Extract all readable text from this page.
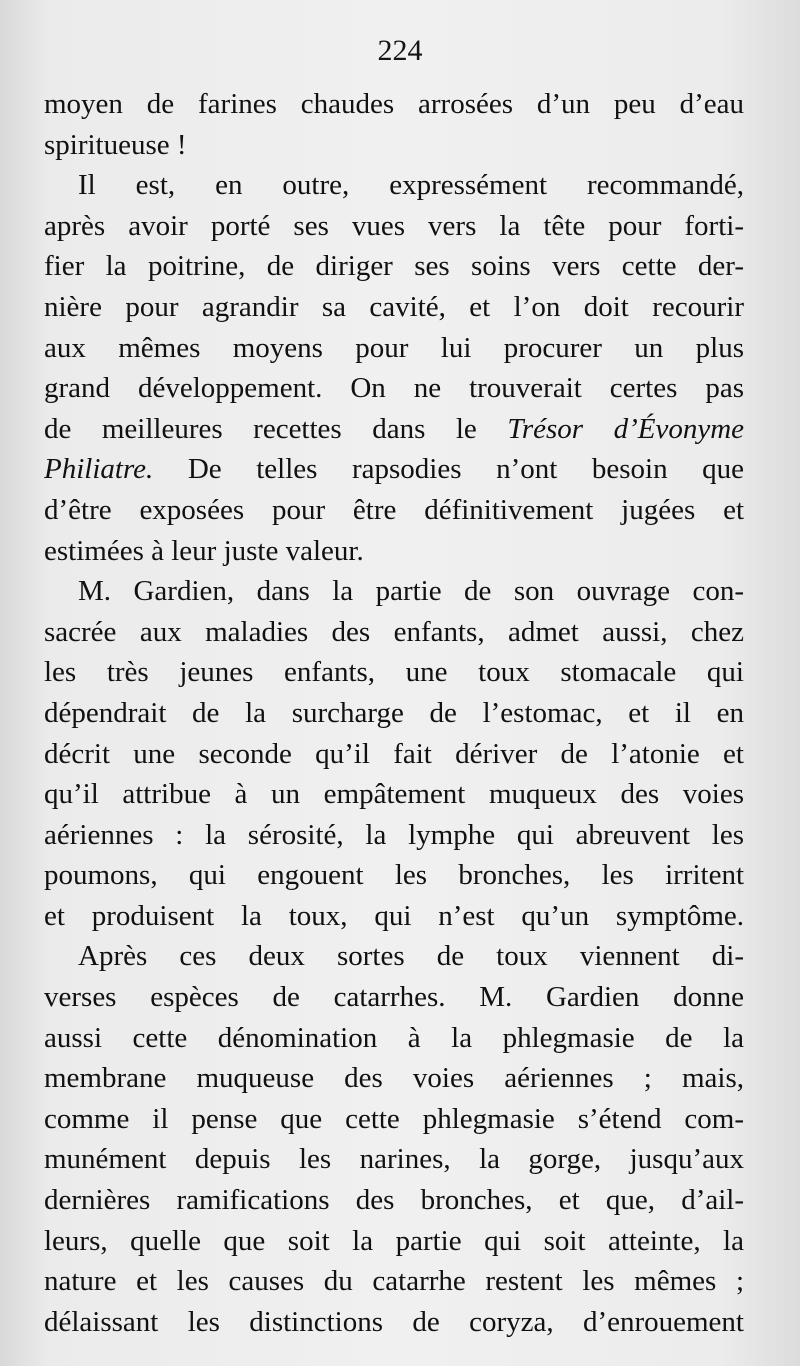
224
moyen de farines chaudes arrosées d’un peu d’eau
spiritueuse !
Il est, en outre, expressément recommandé,
après avoir porté ses vues vers la tête pour forti-
fier la poitrine, de diriger ses soins vers cette der-
nière pour agrandir sa cavité, et l’on doit recourir
aux mêmes moyens pour lui procurer un plus
grand développement. On ne trouverait certes pas
de meilleures recettes dans le Trésor d’Évonyme
Philiatre. De telles rapsodies n’ont besoin que
d’être exposées pour être définitivement jugées et
estimées à leur juste valeur.
M. Gardien, dans la partie de son ouvrage con-
sacrée aux maladies des enfants, admet aussi, chez
les très jeunes enfants, une toux stomacale qui
dépendrait de la surcharge de l’estomac, et il en
décrit une seconde qu’il fait dériver de l’atonie et
qu’il attribue à un empâtement muqueux des voies
aériennes : la sérosité, la lymphe qui abreuvent les
poumons, qui engouent les bronches, les irritent
et produisent la toux, qui n’est qu’un symptôme.
Après ces deux sortes de toux viennent di-
verses espèces de catarrhes. M. Gardien donne
aussi cette dénomination à la phlegmasie de la
membrane muqueuse des voies aériennes ; mais,
comme il pense que cette phlegmasie s’étend com-
munément depuis les narines, la gorge, jusqu’aux
dernières ramifications des bronches, et que, d’ail-
leurs, quelle que soit la partie qui soit atteinte, la
nature et les causes du catarrhe restent les mêmes ;
délaissant les distinctions de coryza, d’enrouement
